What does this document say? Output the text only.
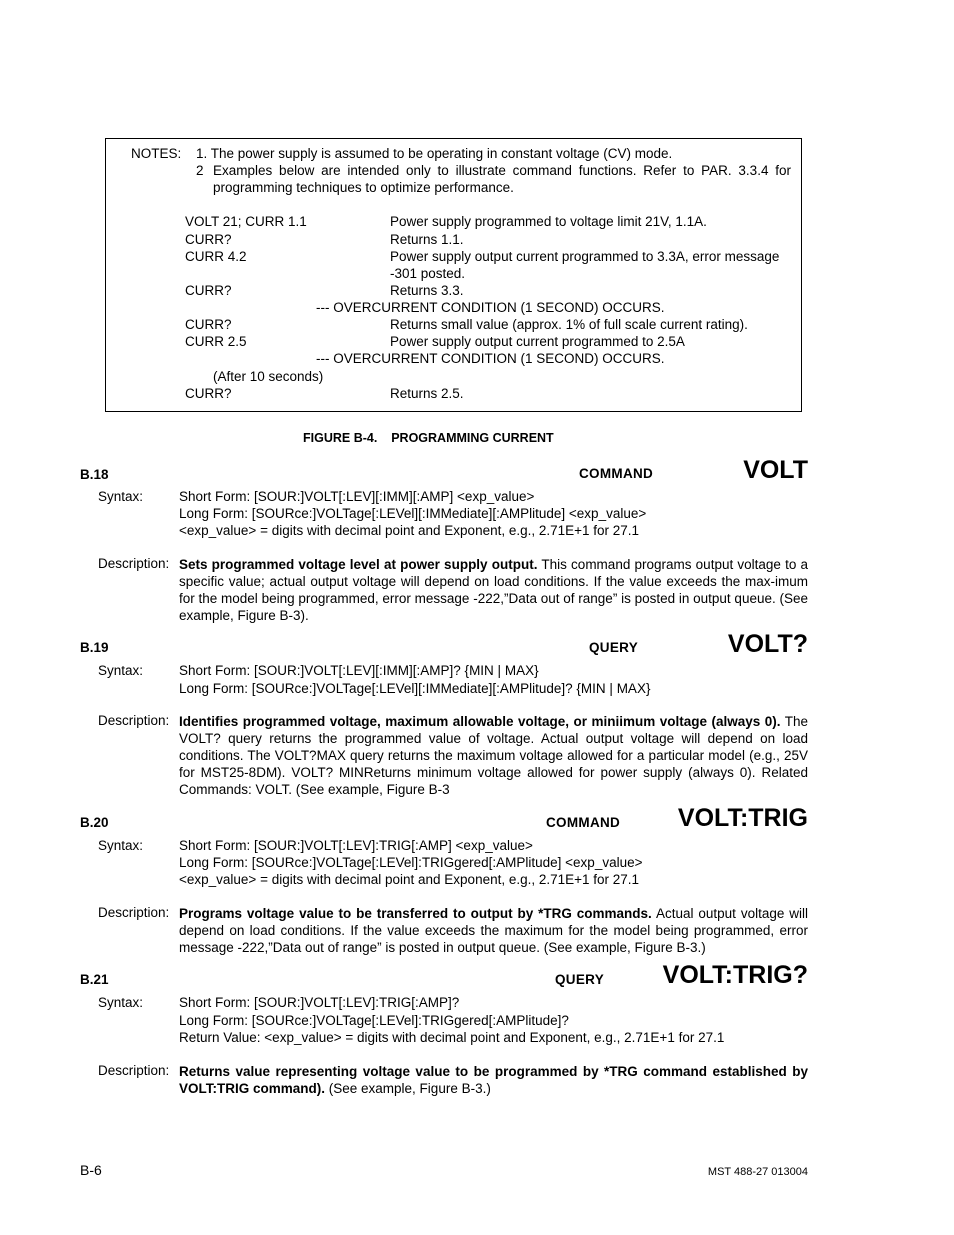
NOTES: 1. The power supply is assumed to be operating in constant voltage (CV) mode.
2 Examples below are intended only to illustrate command functions. Refer to PAR. 3.3.4 for
programming techniques to optimize performance.
VOLT 21; CURR 1.1	Power supply programmed to voltage limit 21V, 1.1A.
CURR?	Returns 1.1.
CURR 4.2	Power supply output current programmed to 3.3A, error message
-301 posted.
CURR?	Returns 3.3.
--- OVERCURRENT CONDITION (1 SECOND) OCCURS.
CURR?	Returns small value (approx. 1% of full scale current rating).
CURR 2.5	Power supply output current programmed to 2.5A
--- OVERCURRENT CONDITION (1 SECOND) OCCURS.
(After 10 seconds)
CURR?	Returns 2.5.
FIGURE B-4.    PROGRAMMING CURRENT
B.18	COMMAND	VOLT
Syntax:	Short Form: [SOUR:]VOLT[:LEV][:IMM][:AMP] <exp_value>
Long Form: [SOURce:]VOLTage[:LEVel][:IMMediate][:AMPlitude] <exp_value>
<exp_value> = digits with decimal point and Exponent, e.g., 2.71E+1 for 27.1
Description: Sets programmed voltage level at power supply output. This command programs output voltage to a specific value; actual output voltage will depend on load conditions. If the value exceeds the max-imum for the model being programmed, error message -222,”Data out of range” is posted in output queue. (See example, Figure B-3).
B.19	QUERY	VOLT?
Syntax:	Short Form: [SOUR:]VOLT[:LEV][:IMM][:AMP]? {MIN | MAX}
Long Form: [SOURce:]VOLTage[:LEVel][:IMMediate][:AMPlitude]? {MIN | MAX}
Description: Identifies programmed voltage, maximum allowable voltage, or miniimum voltage (always 0). The VOLT? query returns the programmed value of voltage. Actual output voltage will depend on load conditions. The VOLT?MAX query returns the maximum voltage allowed for a particular model (e.g., 25V for MST25-8DM). VOLT? MINReturns minimum voltage allowed for power supply (always 0). Related Commands: VOLT. (See example, Figure B-3
B.20	COMMAND VOLT:TRIG
Syntax:	Short Form: [SOUR:]VOLT[:LEV]:TRIG[:AMP] <exp_value>
Long Form: [SOURce:]VOLTage[:LEVel]:TRIGgered[:AMPlitude] <exp_value>
<exp_value> = digits with decimal point and Exponent, e.g., 2.71E+1 for 27.1
Description: Programs voltage value to be transferred to output by *TRG commands. Actual output voltage will depend on load conditions. If the value exceeds the maximum for the model being programmed, error message -222,”Data out of range” is posted in output queue. (See example, Figure B-3.)
B.21	QUERY VOLT:TRIG?
Syntax:	Short Form: [SOUR:]VOLT[:LEV]:TRIG[:AMP]?
Long Form: [SOURce:]VOLTage[:LEVel]:TRIGgered[:AMPlitude]?
Return Value: <exp_value> = digits with decimal point and Exponent, e.g., 2.71E+1 for 27.1
Description: Returns value representing voltage value to be programmed by *TRG command established by VOLT:TRIG command). (See example, Figure B-3.)
B-6	MST 488-27 013004
